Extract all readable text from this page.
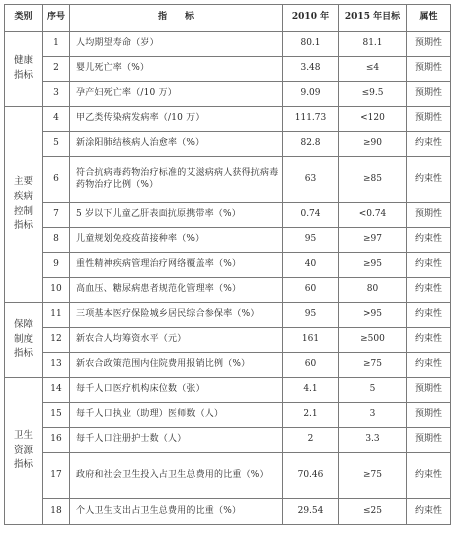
类别	序号	指　　标	2010 年	2015 年目标	属性

健康
指标	1	人均期望寿命（岁）	80.1	81.1	预期性
	2	婴儿死亡率（%）	3.48	≤4	预期性
	3	孕产妇死亡率（/10 万）	9.09	≤9.5	预期性

主要
疾病
控制
指标	4	甲乙类传染病发病率（/10 万）	111.73	<120	预期性
	5	新涂阳肺结核病人治愈率（%）	82.8	≥90	约束性
	6	符合抗病毒药物治疗标准的艾滋病病人获得抗病毒药物治疗比例（%）	63	≥85	约束性
	7	5 岁以下儿童乙肝表面抗原携带率（%）	0.74	<0.74	预期性
	8	儿童规划免疫疫苗接种率（%）	95	≥97	约束性
	9	重性精神疾病管理治疗网络覆盖率（%）	40	≥95	约束性
	10	高血压、糖尿病患者规范化管理率（%）	60	80	约束性

保障
制度
指标	11	三项基本医疗保险城乡居民综合参保率（%）	95	>95	约束性
	12	新农合人均筹资水平（元）	161	≥500	约束性
	13	新农合政策范围内住院费用报销比例（%）	60	≥75	约束性

卫生
资源
指标	14	每千人口医疗机构床位数（张）	4.1	5	预期性
	15	每千人口执业（助理）医师数（人）	2.1	3	预期性
	16	每千人口注册护士数（人）	2	3.3	预期性
	17	政府和社会卫生投入占卫生总费用的比重（%）	70.46	≥75	约束性
	18	个人卫生支出占卫生总费用的比重（%）	29.54	≤25	约束性
